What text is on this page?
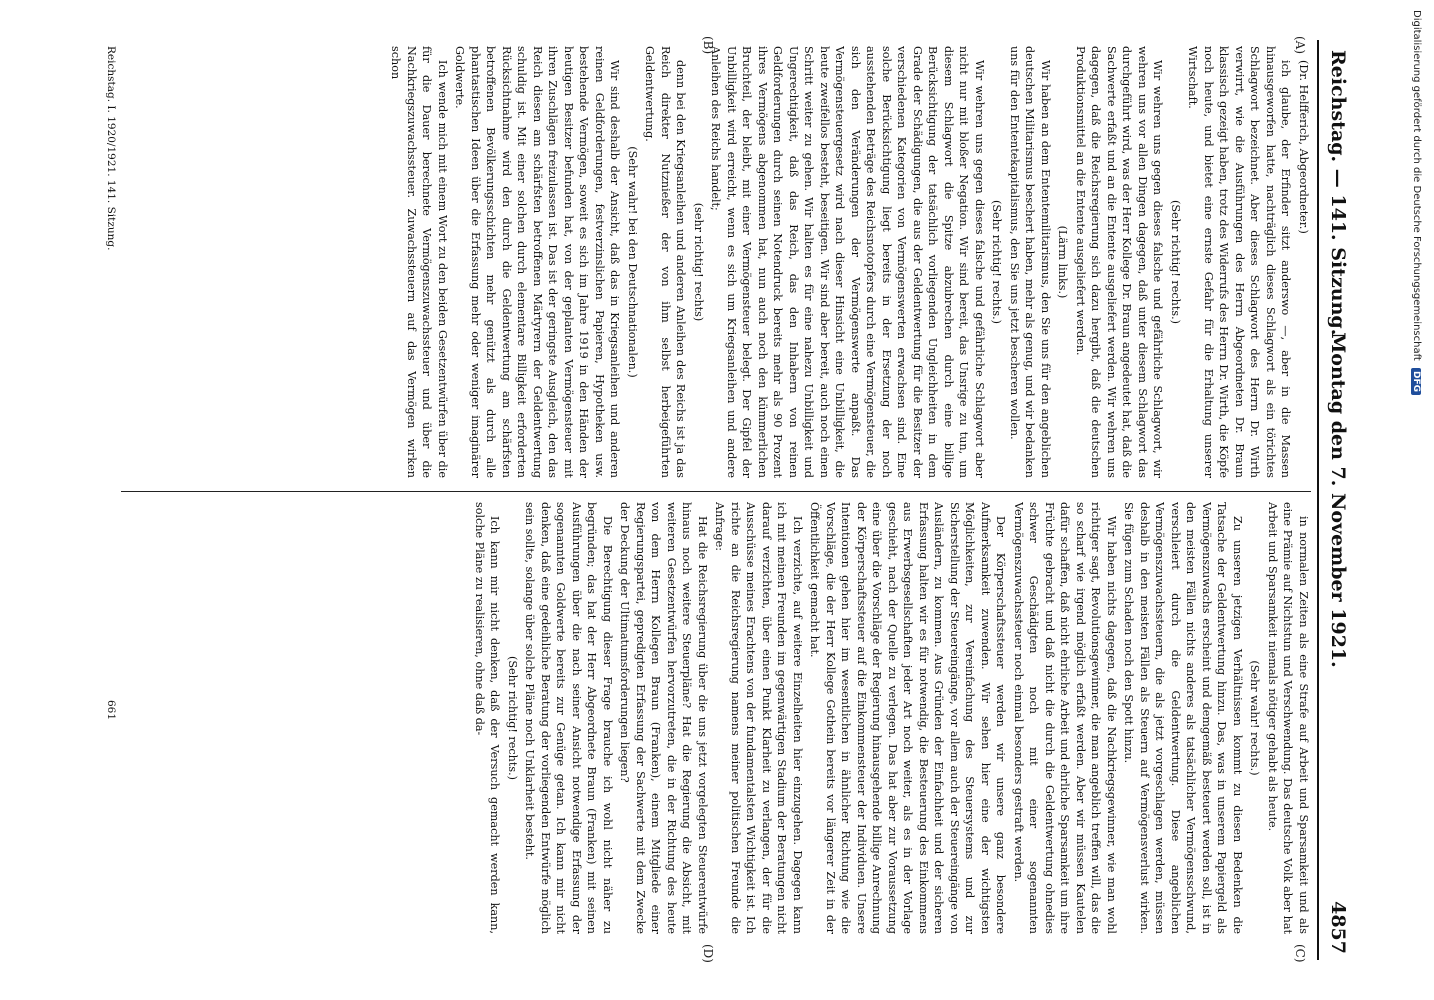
Reichstag. — 141. Sitzung.
Montag den 7. November 1921.
4857

(Dr. Helfferich, Abgeordneter.)

ich glaube, der Erfinder sitzt anderswo —, aber in die Massen hinausgeworfen hatte, nachträglich dieses Schlagwort als ein törichtes Schlagwort bezeichnet. Aber dieses Schlagwort des Herrn Dr. Wirth verwirrt, wie die Ausführungen des Herrn Abgeordneten Dr. Braun klassisch gezeigt haben, trotz des Widerrufs des Herrn Dr. Wirth, die Köpfe noch heute, und bietet eine ernste Gefahr für die Erhaltung unserer Wirtschaft.

(Sehr richtig! rechts.)

Wir wehren uns gegen dieses falsche und gefährliche Schlagwort, wir wehren uns vor allen Dingen dagegen, daß unter diesem Schlagwort das durchgeführt wird, was der Herr Kollege Dr. Braun angedeutet hat, daß die Sachwerte erfaßt und an die Entente ausgeliefert werden. Wir wehren uns dagegen, daß die Reichsregierung sich dazu hergibt, daß die deutschen Produktionsmittel an die Entente ausgeliefert werden.

(Lärm links.)

Wir haben an dem Ententemilitarismus, den Sie uns für den angeblichen deutschen Militarismus beschert haben, mehr als genug, und wir bedanken uns für den Ententekapitalismus, den Sie uns jetzt bescheren wollen.

(Sehr richtig! rechts.)

Wir wehren uns gegen dieses falsche und gefährliche Schlagwort aber nicht nur mit bloßer Negation. Wir sind bereit, das Unsrige zu tun, um diesem Schlagwort die Spitze abzubrechen durch eine billige Berücksichtigung der tatsächlich vorliegenden Ungleichheiten in dem Grade der Schädigungen, die aus der Geldentwertung für die Besitzer der verschiedenen Kategorien von Vermögenswerten erwachsen sind. Eine solche Berücksichtigung liegt bereits in der Ersetzung der noch ausstehenden Beträge des Reichsnotopfers durch eine Vermögensteuer, die sich den Veränderungen der Vermögenswerte anpaßt. Das Vermögensteuergesetz wird nach dieser Hinsicht eine Unbilligkeit, die heute zweifellos besteht, beseitigen. Wir sind aber bereit, auch noch einen Schritt weiter zu gehen. Wir halten es für eine nahezu Unbilligkeit und Ungerechtigkeit, daß das Reich, das den Inhabern von reinen Geldforderungen durch seinen Notendruck bereits mehr als 90 Prozent ihres Vermögens abgenommen hat, nun auch noch den kümmerlichen Bruchteil, der bleibt, mit einer Vermögensteuer belegt. Der Gipfel der Unbilligkeit wird erreicht, wenn es sich um Kriegsanleihen und andere Anleihen des Reichs handelt;

(sehr richtig! rechts)

denn bei den Kriegsanleihen und anderen Anleihen des Reichs ist ja das Reich direkter Nutznießer der von ihm selbst herbeigeführten Geldentwertung.

(Sehr wahr! bei den Deutschnationalen.)

Wir sind deshalb der Ansicht, daß das in Kriegsanleihen und anderen reinen Geldforderungen, festverzinslichen Papieren, Hypotheken usw. bestehende Vermögen, soweit es sich im Jahre 1919 in den Händen der heutigen Besitzer befunden hat, von der geplanten Vermögensteuer mit ihren Zuschlägen freizulassen ist. Das ist der geringste Ausgleich, den das Reich diesen am schärfsten betroffenen Märtyrern der Geldentwertung schuldig ist. Mit einer solchen durch elementare Billigkeit erforderten Rücksichtnahme wird den durch die Geldentwertung am schärfsten betroffenen Bevölkerungsschichten mehr genützt als durch alle phantastischen Ideen über die Erfassung mehr oder weniger imaginärer Goldwerte.

Ich wende mich mit einem Wort zu den beiden Gesetzentwürfen über die für die Dauer berechnete Vermögenszuwachssteuer und über die Nachkriegszuwachssteuer. Zuwachssteuern auf das Vermögen wirken schon

in normalen Zeiten als eine Strafe auf Arbeit und Sparsamkeit und als eine Prämie auf Nichtstun und Verschwendung. Das deutsche Volk aber hat Arbeit und Sparsamkeit niemals nötiger gehabt als heute.

(Sehr wahr! rechts.)

Zu unseren jetzigen Verhältnissen kommt zu diesen Bedenken die Tatsache der Geldentwertung hinzu. Das, was in unserem Papiergeld als Vermögenszuwachs erscheint und demgemäß besteuert werden soll, ist in den meisten Fällen nichts anderes als tatsächlicher Vermögensschwund, verschleiert durch die Geldentwertung. Diese angeblichen Vermögenszuwachssteuern, die als jetzt vorgeschlagen werden, müssen deshalb in den meisten Fällen als Steuern auf Vermögensverlust wirken. Sie fügen zum Schaden noch den Spott hinzu.

Wir haben nichts dagegen, daß die Nachkriegsgewinner, wie man wohl richtiger sagt, Revolutionsgewinner, die man angeblich treffen will, das die so scharf wie irgend möglich erfaßt werden. Aber wir müssen Kautelen dafür schaffen, daß nicht ehrliche Arbeit und ehrliche Sparsamkeit um ihre Früchte gebracht und daß nicht die durch die Geldentwertung ohnedies schwer Geschädigten noch mit einer sogenannten Vermögenszuwachssteuer noch einmal besonders gestraft werden.

Der Körperschaftssteuer werden wir unsere ganz besondere Aufmerksamkeit zuwenden. Wir sehen hier eine der wichtigsten Möglichkeiten, zur Vereinfachung des Steuersystems und zur Sicherstellung der Steuereingänge, vor allem auch der Steuereingänge von Ausländern, zu kommen. Aus Gründen der Einfachheit und der sicheren Erfassung halten wir es für notwendig, die Besteuerung des Einkommens aus Erwerbsgesellschaften jeder Art noch weiter, als es in der Vorlage geschieht, nach der Quelle zu verlegen. Das hat aber zur Voraussetzung eine über die Vorschläge der Regierung hinausgehende billige Anrechnung der Körperschaftssteuer auf die Einkommensteuer der Individuen. Unsere Intentionen gehen hier im wesentlichen in ähnlicher Richtung wie die Vorschläge, die der Herr Kollege Gothein bereits vor längerer Zeit in der Öffentlichkeit gemacht hat.

Ich verzichte, auf weitere Einzelheiten hier einzugehen. Dagegen kann ich mit meinen Freunden im gegenwärtigen Stadium der Beratungen nicht darauf verzichten, über einen Punkt Klarheit zu verlangen, der für die Ausschüsse meines Erachtens von der fundamentalsten Wichtigkeit ist. Ich richte an die Reichsregierung namens meiner politischen Freunde die Anfrage:

Hat die Reichsregierung über die uns jetzt vorgelegten Steuerentwürfe hinaus noch weitere Steuerpläne? Hat die Regierung die Absicht, mit weiteren Gesetzentwürfen hervorzutreten, die in der Richtung des heute von dem Herrn Kollegen Braun (Franken), einem Mitgliede einer Regierungspartei, gepredigten Erfassung der Sachwerte mit dem Zwecke der Deckung der Ultimatumsforderungen liegen?

Die Berechtigung dieser Frage brauche ich wohl nicht näher zu begründen; das hat der Herr Abgeordnete Braun (Franken) mit seinen Ausführungen über die nach seiner Ansicht notwendige Erfassung der sogenannten Goldwerte bereits zur Genüge getan. Ich kann mir nicht denken, daß eine gedeihliche Beratung der vorliegenden Entwürfe möglich sein sollte, solange über solche Pläne noch Unklarheit besteht.

(Sehr richtig! rechts.)

Ich kann mir nicht denken, daß der Versuch gemacht werden kann, solche Pläne zu realisieren, ohne daß da-

(A)
(B)
(C)
(D)
Reichstag. I. 1920/1921. 141. Sitzung.
661
Digitalisierung gefördert durch die Deutsche Forschungsgemeinschaft DFG
